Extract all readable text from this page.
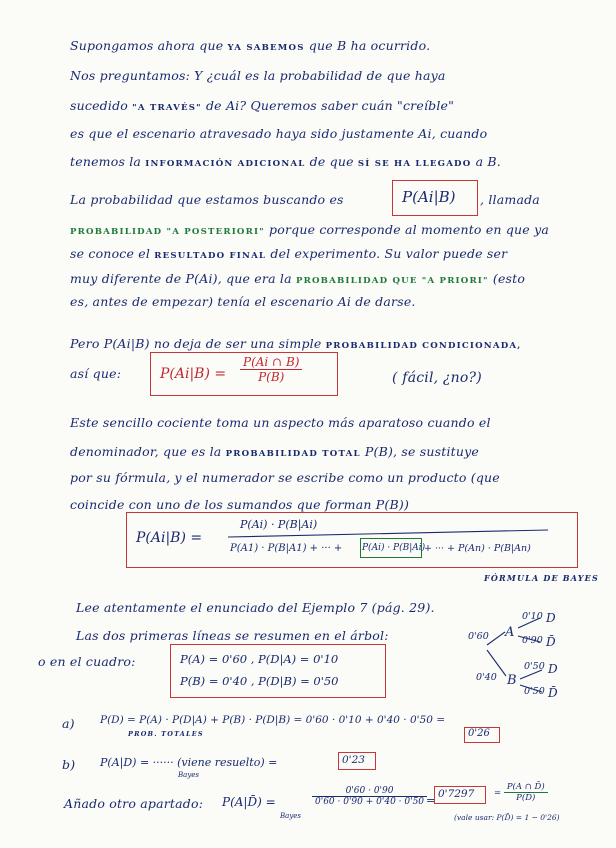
Supongamos ahora que YA SABEMOS que B ha ocurrido.
Nos preguntamos: Y ¿cuál es la probabilidad de que haya
sucedido "A TRAVÉS" de Ai? Queremos saber cuán "creíble"
es que el escenario atravesado haya sido justamente Ai, cuando
tenemos la INFORMACIÓN ADICIONAL de que SÍ SE HA LLEGADO a B.
La probabilidad que estamos buscando es	P(Ai|B) , llamada
PROBABILIDAD "A POSTERIORI" porque corresponde al momento en que ya
se conoce el RESULTADO FINAL del experimento. Su valor puede ser
muy diferente de P(Ai), que era la PROBABILIDAD QUE "A PRIORI" (esto
es, antes de empezar) tenía el escenario Ai de darse.
Pero P(Ai|B) no deja de ser una simple PROBABILIDAD CONDICIONADA,
así que:	$P(Ai|B) = \frac{P(Ai \cap B)}{P(B)}$	( fácil, ¿no?)
Este sencillo cociente toma un aspecto más aparatoso cuando el
denominador, que es la PROBABILIDAD TOTAL P(B), se sustituye
por su fórmula, y el numerador se escribe como un producto (que
coincide con uno de los sumandos que forman P(B))
P(Ai|B) =
P(Ai) · P(B|Ai)
P(A1) · P(B|A1) + ··· + P(Ai) · P(B|Ai)
+ ··· + P(An) · P(B|An)
FÓRMULA DE BAYES
Lee atentamente el enunciado del Ejemplo 7 (pág. 29).
Las dos primeras líneas se resumen en el árbol:
o en el cuadro:	P(A) = 0'60 , P(D|A) = 0'10
P(B) = 0'40 , P(D|B) = 0'50
0'60
0'40
A
B
0'10
0'90
0'50
0'50
D
D̄
D
D̄
a) P(D) = P(A) · P(D|A) + P(B) · P(D|B) = 0'60 · 0'10 + 0'40 · 0'50 =
PROB. TOTALES	0'26
b) P(A|D) = ······ (viene resuelto) =
Bayes
0'23
Añado otro apartado: P(A|D̄) =
Bayes
$\frac{0'60 \cdot 0'90}{0'60 \cdot 0'90 + 0'40 \cdot 0'50}$
= $0'7297 = \frac{P(A \cap D̄)}{P(D̄)}$
(vale usar: P(D̄) = 1 − 0'26)
